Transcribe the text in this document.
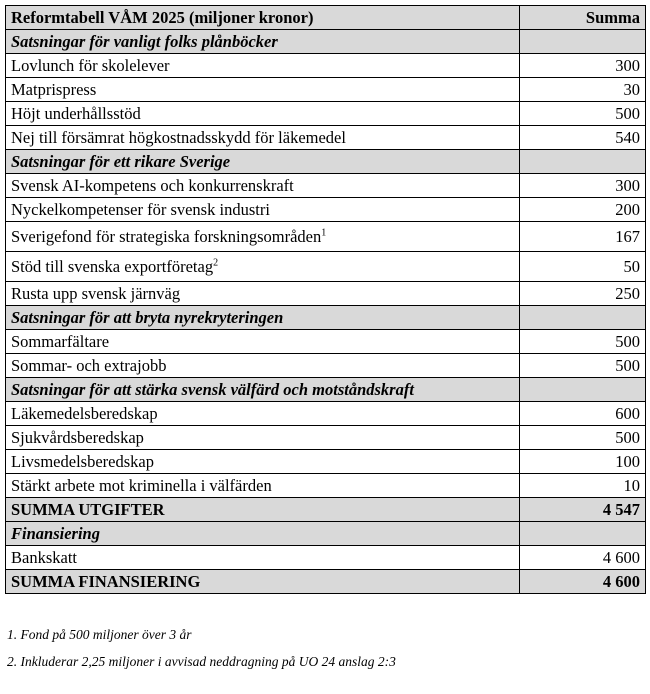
Reformtabell VÅM 2025 (miljoner kronor)	Summa
Satsningar för vanligt folks plånböcker	
Lovlunch för skolelever	300
Matprispress	30
Höjt underhållsstöd	500
Nej till försämrat högkostnadsskydd för läkemedel	540
Satsningar för ett rikare Sverige	
Svensk AI-kompetens och konkurrenskraft	300
Nyckelkompetenser för svensk industri	200
Sverigefond för strategiska forskningsområden$^1$	167
Stöd till svenska exportföretag$^2$	50
Rusta upp svensk järnväg	250
Satsningar för att bryta nyrekryteringen	
Sommarfältare	500
Sommar- och extrajobb	500
Satsningar för att stärka svensk välfärd och motståndskraft	
Läkemedelsberedskap	600
Sjukvårdsberedskap	500
Livsmedelsberedskap	100
Stärkt arbete mot kriminella i välfärden	10
SUMMA UTGIFTER	4 547
Finansiering	
Bankskatt	4 600
SUMMA FINANSIERING	4 600
1. Fond på 500 miljoner över 3 år
2. Inkluderar 2,25 miljoner i avvisad neddragning på UO 24 anslag 2:3
